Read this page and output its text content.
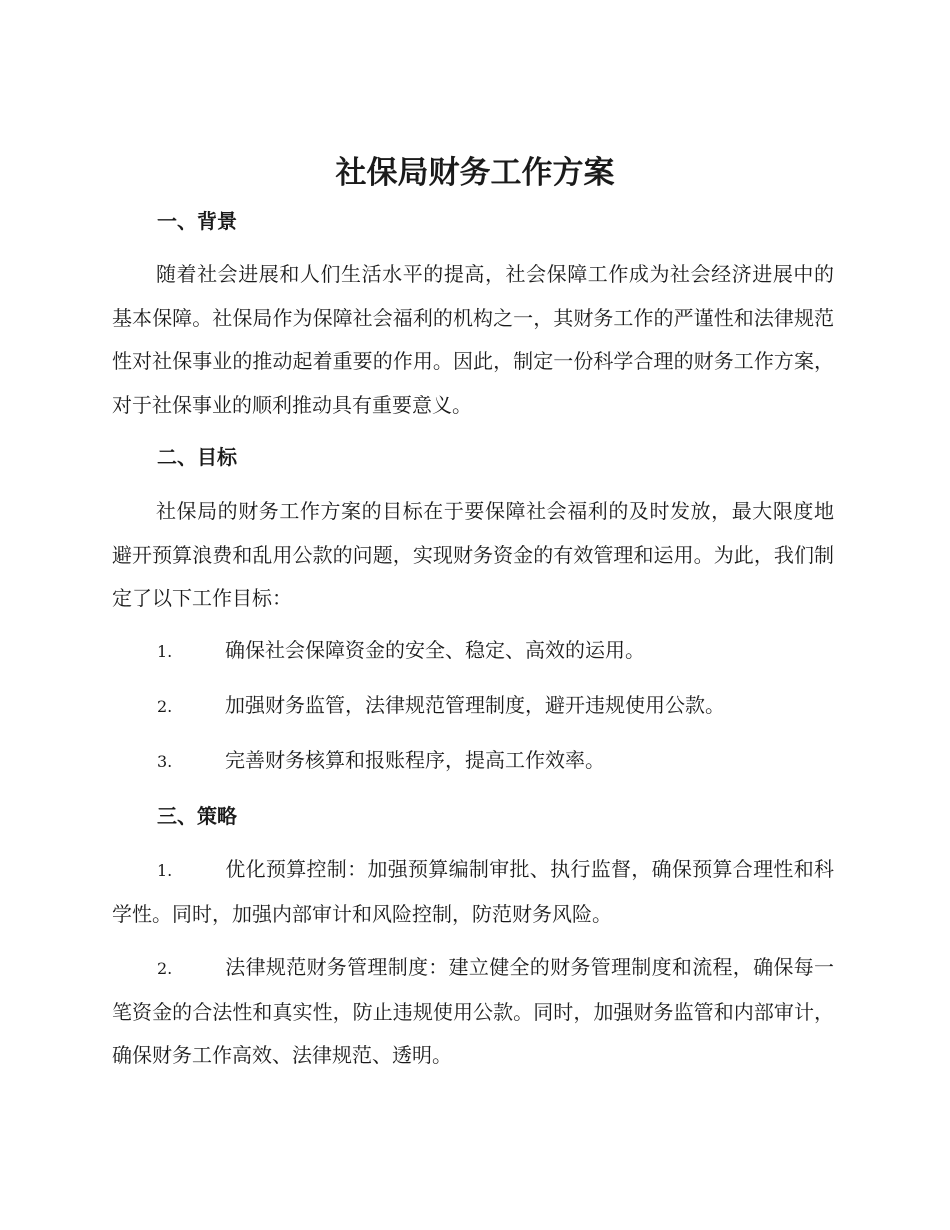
社保局财务工作方案
一、背景

随着社会进展和人们生活水平的提高，社会保障工作成为社会经济进展中的基本保障。社保局作为保障社会福利的机构之一，其财务工作的严谨性和法律规范性对社保事业的推动起着重要的作用。因此，制定一份科学合理的财务工作方案，对于社保事业的顺利推动具有重要意义。

二、目标

社保局的财务工作方案的目标在于要保障社会福利的及时发放，最大限度地避开预算浪费和乱用公款的问题，实现财务资金的有效管理和运用。为此，我们制定了以下工作目标：

1.	确保社会保障资金的安全、稳定、高效的运用。
2.	加强财务监管，法律规范管理制度，避开违规使用公款。
3.	完善财务核算和报账程序，提高工作效率。
三、策略
1.	优化预算控制：加强预算编制审批、执行监督，确保预算合理性和科学性。同时，加强内部审计和风险控制，防范财务风险。
2.	法律规范财务管理制度：建立健全的财务管理制度和流程，确保每一笔资金的合法性和真实性，防止违规使用公款。同时，加强财务监管和内部审计，确保财务工作高效、法律规范、透明。
